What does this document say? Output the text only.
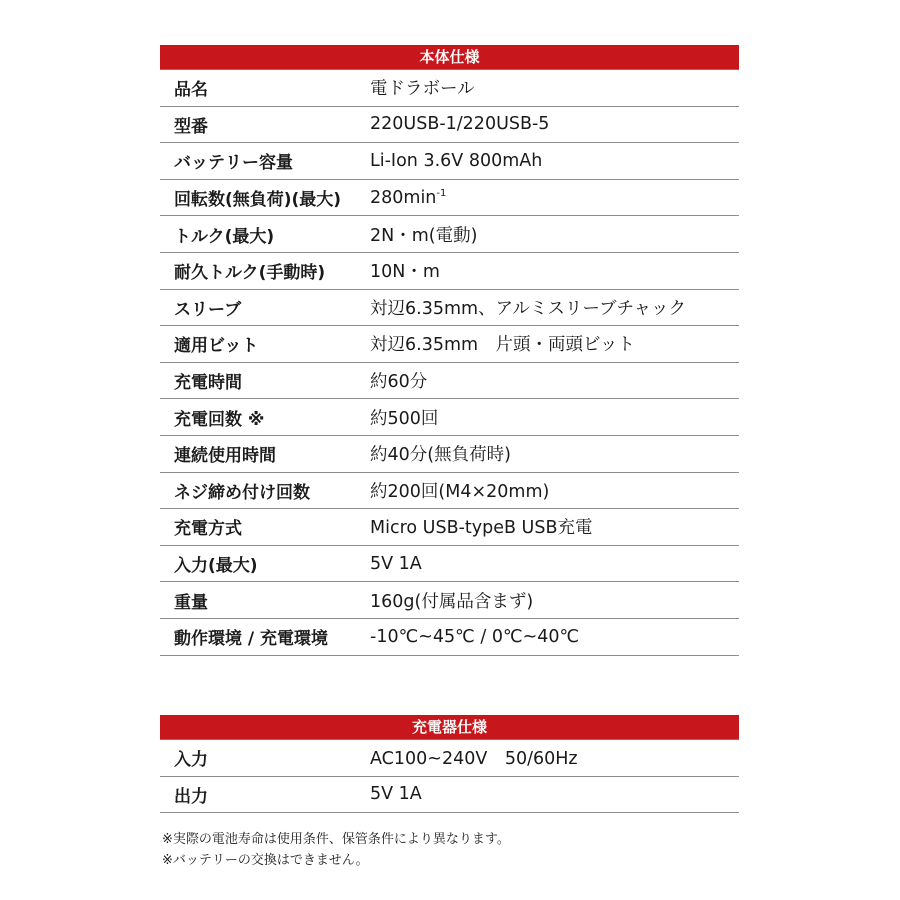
本体仕様
品名	電ドラボール
型番	220USB-1/220USB-5
バッテリー容量	Li-Ion 3.6V 800mAh
回転数(無負荷)(最大)	$280\min^{-1}$
トルク(最大)	2N・m(電動)
耐久トルク(手動時)	10N・m
スリーブ	対辺6.35mm、アルミスリーブチャック
適用ビット	対辺6.35mm　片頭・両頭ビット
充電時間	約60分
充電回数 ※	約500回
連続使用時間	約40分(無負荷時)
ネジ締め付け回数	約200回(M4×20mm)
充電方式	Micro USB-typeB USB充電
入力(最大)	5V 1A
重量	160g(付属品含まず)
動作環境 / 充電環境	-10℃~45℃ / 0℃~40℃
充電器仕様
入力	AC100~240V　50/60Hz
出力	5V 1A
※実際の電池寿命は使用条件、保管条件により異なります。
※バッテリーの交換はできません。
